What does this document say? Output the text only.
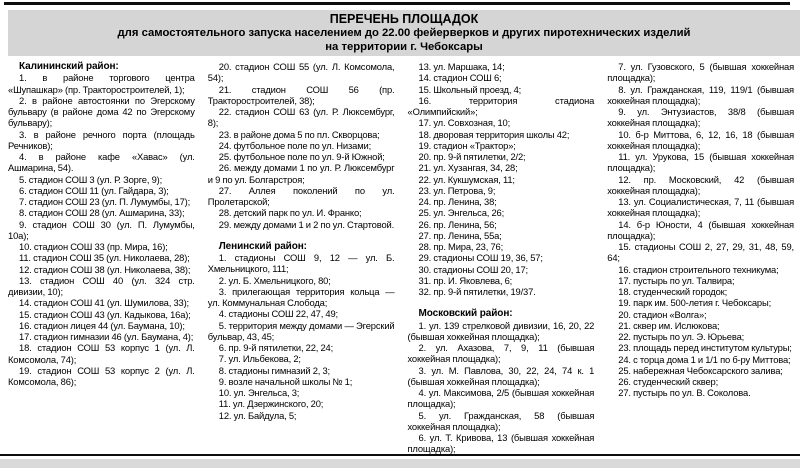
ПЕРЕЧЕНЬ ПЛОЩАДОК
для самостоятельного запуска населением до 22.00 фейерверков и других пиротехнических изделий
на территории г. Чебоксары

Калининский район:

1. в районе торгового центра «Шупашкар» (пр. Тракторостроителей, 1);

2. в районе автостоянки по Эгерскому бульвару (в районе дома 42 по Эгерскому бульвару);

3. в районе речного порта (площадь Речников);

4. в районе кафе «Хавас» (ул. Ашмарина, 54).

5. стадион СОШ 3 (ул. Р. Зорге, 9);

6. стадион СОШ 11 (ул. Гайдара, 3);

7. стадион СОШ 23 (ул. П. Лумумбы, 17);

8. стадион СОШ 28 (ул. Ашмарина, 33);

9. стадион СОШ 30 (ул. П. Лумумбы, 10а);

10. стадион СОШ 33 (пр. Мира, 16);

11. стадион СОШ 35 (ул. Николаева, 28);

12. стадион СОШ 38 (ул. Николаева, 38);

13. стадион СОШ 40 (ул. 324 стр. дивизии, 10);

14. стадион СОШ 41 (ул. Шумилова, 33);

15. стадион СОШ 43 (ул. Кадыкова, 16а);

16. стадион лицея 44 (ул. Баумана, 10);

17. стадион гимназии 46 (ул. Баумана, 4);

18. стадион СОШ 53 корпус 1 (ул. Л. Комсомола, 74);

19. стадион СОШ 53 корпус 2 (ул. Л. Комсомола, 86);

20. стадион СОШ 55 (ул. Л. Комсомола, 54);

21. стадион СОШ 56 (пр. Тракторостроителей, 38);

22. стадион СОШ 63 (ул. Р. Люксембург, 8);

23. в районе дома 5 по пл. Скворцова;

24. футбольное поле по ул. Низами;

25. футбольное поле по ул. 9-й Южной;

26. между домами 1 по ул. Р. Люксембург и 9 по ул. Болгарстроя;

27. Аллея поколений по ул. Пролетарской;

28. детский парк по ул. И. Франко;

29. между домами 1 и 2 по ул. Стартовой.

Ленинский район:

1. стадионы СОШ 9, 12 — ул. Б. Хмельницкого, 111;

2. ул. Б. Хмельницкого, 80;

3. прилегающая территория кольца — ул. Коммунальная Слобода;

4. стадионы СОШ 22, 47, 49;

5. территория между домами — Эгерский бульвар, 43, 45;

6. пр. 9-й пятилетки, 22, 24;

7. ул. Ильбекова, 2;

8. стадионы гимназий 2, 3;

9. возле начальной школы № 1;

10. ул. Энгельса, 3;

11. ул. Дзержинского, 20;

12. ул. Байдула, 5;

13. ул. Маршака, 14;

14. стадион СОШ 6;

15. Школьный проезд, 4;

16. территория стадиона «Олимпийский»;

17. ул. Совхозная, 10;

18. дворовая территория школы 42;

19. стадион «Трактор»;

20. пр. 9-й пятилетки, 2/2;

21. ул. Хузангая, 34, 28;

22. ул. Кукшумская, 11;

23. ул. Петрова, 9;

24. пр. Ленина, 38;

25. ул. Энгельса, 26;

26. пр. Ленина, 56;

27. пр. Ленина, 55а;

28. пр. Мира, 23, 76;

29. стадионы СОШ 19, 36, 57;

30. стадионы СОШ 20, 17;

31. пр. И. Яковлева, 6;

32. пр. 9-й пятилетки, 19/37.

Московский район:

1. ул. 139 стрелковой дивизии, 16, 20, 22 (бывшая хоккейная площадка);

2. ул. Ахазова, 7, 9, 11 (бывшая хоккейная площадка);

3. ул. М. Павлова, 30, 22, 24, 74 к. 1 (бывшая хоккейная площадка);

4. ул. Максимова, 2/5 (бывшая хоккейная площадка);

5. ул. Гражданская, 58 (бывшая хоккейная площадка);

6. ул. Т. Кривова, 13 (бывшая хоккейная площадка);

7. ул. Гузовского, 5 (бывшая хоккейная площадка);

8. ул. Гражданская, 119, 119/1 (бывшая хоккейная площадка);

9. ул. Энтузиастов, 38/8 (бывшая хоккейная площадка);

10. б-р Миттова, 6, 12, 16, 18 (бывшая хоккейная площадка);

11. ул. Урукова, 15 (бывшая хоккейная площадка);

12. пр. Московский, 42 (бывшая хоккейная площадка);

13. ул. Социалистическая, 7, 11 (бывшая хоккейная площадка);

14. б-р Юности, 4 (бывшая хоккейная площадка);

15. стадионы СОШ 2, 27, 29, 31, 48, 59, 64;

16. стадион строительного техникума;

17. пустырь по ул. Талвира;

18. студенческий городок;

19. парк им. 500-летия г. Чебоксары;

20. стадион «Волга»;

21. сквер им. Ислюкова;

22. пустырь по ул. Э. Юрьева;

23. площадь перед институтом культуры;

24. с торца дома 1 и 1/1 по б-ру Миттова;

25. набережная Чебоксарского залива;

26. студенческий сквер;

27. пустырь по ул. В. Соколова.
